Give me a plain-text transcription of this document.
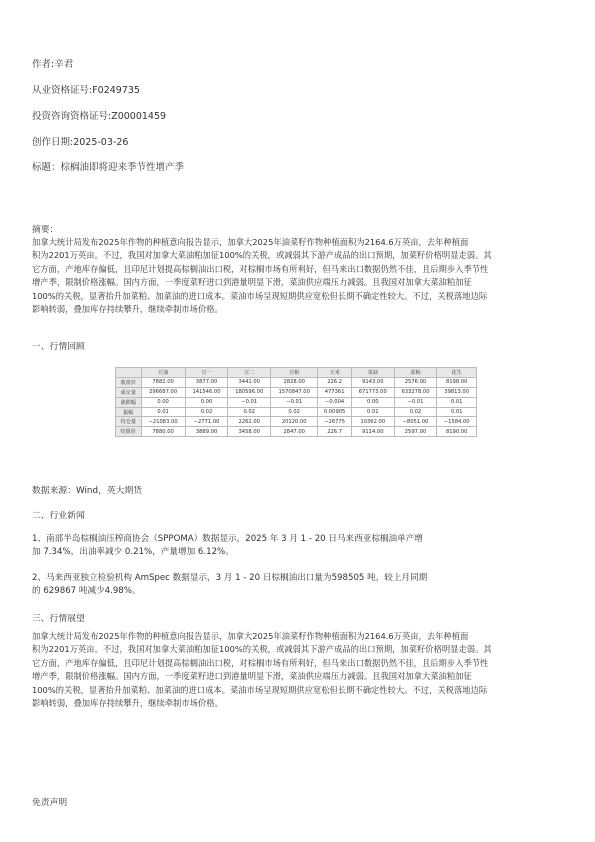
作者:辛君
从业资格证号:F0249735
投资咨询资格证号:Z00001459
创作日期:2025-03-26
标题：棕榈油即将迎来季节性增产季
摘要：
加拿大统计局发布2025年作物的种植意向报告显示，加拿大2025年油菜籽作物种植面积为2164.6万英亩，去年种植面
积为2201万英亩。不过，我国对加拿大菜油粕加征100%的关税，或减弱其下游产成品的出口预期，加菜籽价格明显走弱。其
它方面，产地库存偏低，且印尼计划提高棕榈油出口税，对棕榈市场有所利好，但马来出口数据仍然不佳，且后期步入季节性
增产季，限制价格涨幅。国内方面，一季度菜籽进口到港量明显下滑，菜油供应端压力减弱。且我国对加拿大菜油粕加征
100%的关税，显著抬升加菜粕、加菜油的进口成本。菜油市场呈现短期供应宽松但长期不确定性较大。不过，关税落地边际
影响转弱，叠加库存持续攀升，继续牵制市场价格。
一、行情回顾
	豆油	豆一	豆二	豆粕	玉米	菜油	菜粕	花生
收盘价	7882.00	3877.00	3441.00	2828.00	226.2	9143.00	2576.00	8198.00
成交量	296687.00	141546.00	180596.00	1570847.00	477361	671773.00	633278.00	39813.00
涨跌幅	0.00	0.00	−0.01	−0.01	−0.004	0.00	−0.01	0.01
振幅	0.01	0.02	0.02	0.02	0.00905	0.01	0.02	0.01
持仓量	−21083.00	−2771.00	2262.00	20120.00	−26775	10362.00	−8051.00	−1584.00
结算价	7880.00	3889.00	3458.00	2847.00	226.7	9114.00	2597.00	8190.00
数据来源：Wind，英大期货
二、行业新闻
1、南部半岛棕榈油压榨商协会（SPPOMA）数据显示，2025 年 3 月 1 - 20 日马来西亚棕榈油单产增
加 7.34%，出油率减少 0.21%，产量增加 6.12%。
2、马来西亚独立检验机构 AmSpec 数据显示，3 月 1 - 20 日棕榈油出口量为598505 吨，较上月同期
的 629867 吨减少4.98%。
三、行情展望
加拿大统计局发布2025年作物的种植意向报告显示，加拿大2025年油菜籽作物种植面积为2164.6万英亩，去年种植面
积为2201万英亩。不过，我国对加拿大菜油粕加征100%的关税，或减弱其下游产成品的出口预期，加菜籽价格明显走弱。其
它方面，产地库存偏低，且印尼计划提高棕榈油出口税，对棕榈市场有所利好，但马来出口数据仍然不佳，且后期步入季节性
增产季，限制价格涨幅。国内方面，一季度菜籽进口到港量明显下滑，菜油供应端压力减弱。且我国对加拿大菜油粕加征
100%的关税，显著抬升加菜粕、加菜油的进口成本。菜油市场呈现短期供应宽松但长期不确定性较大。不过，关税落地边际
影响转弱，叠加库存持续攀升，继续牵制市场价格。
免责声明
